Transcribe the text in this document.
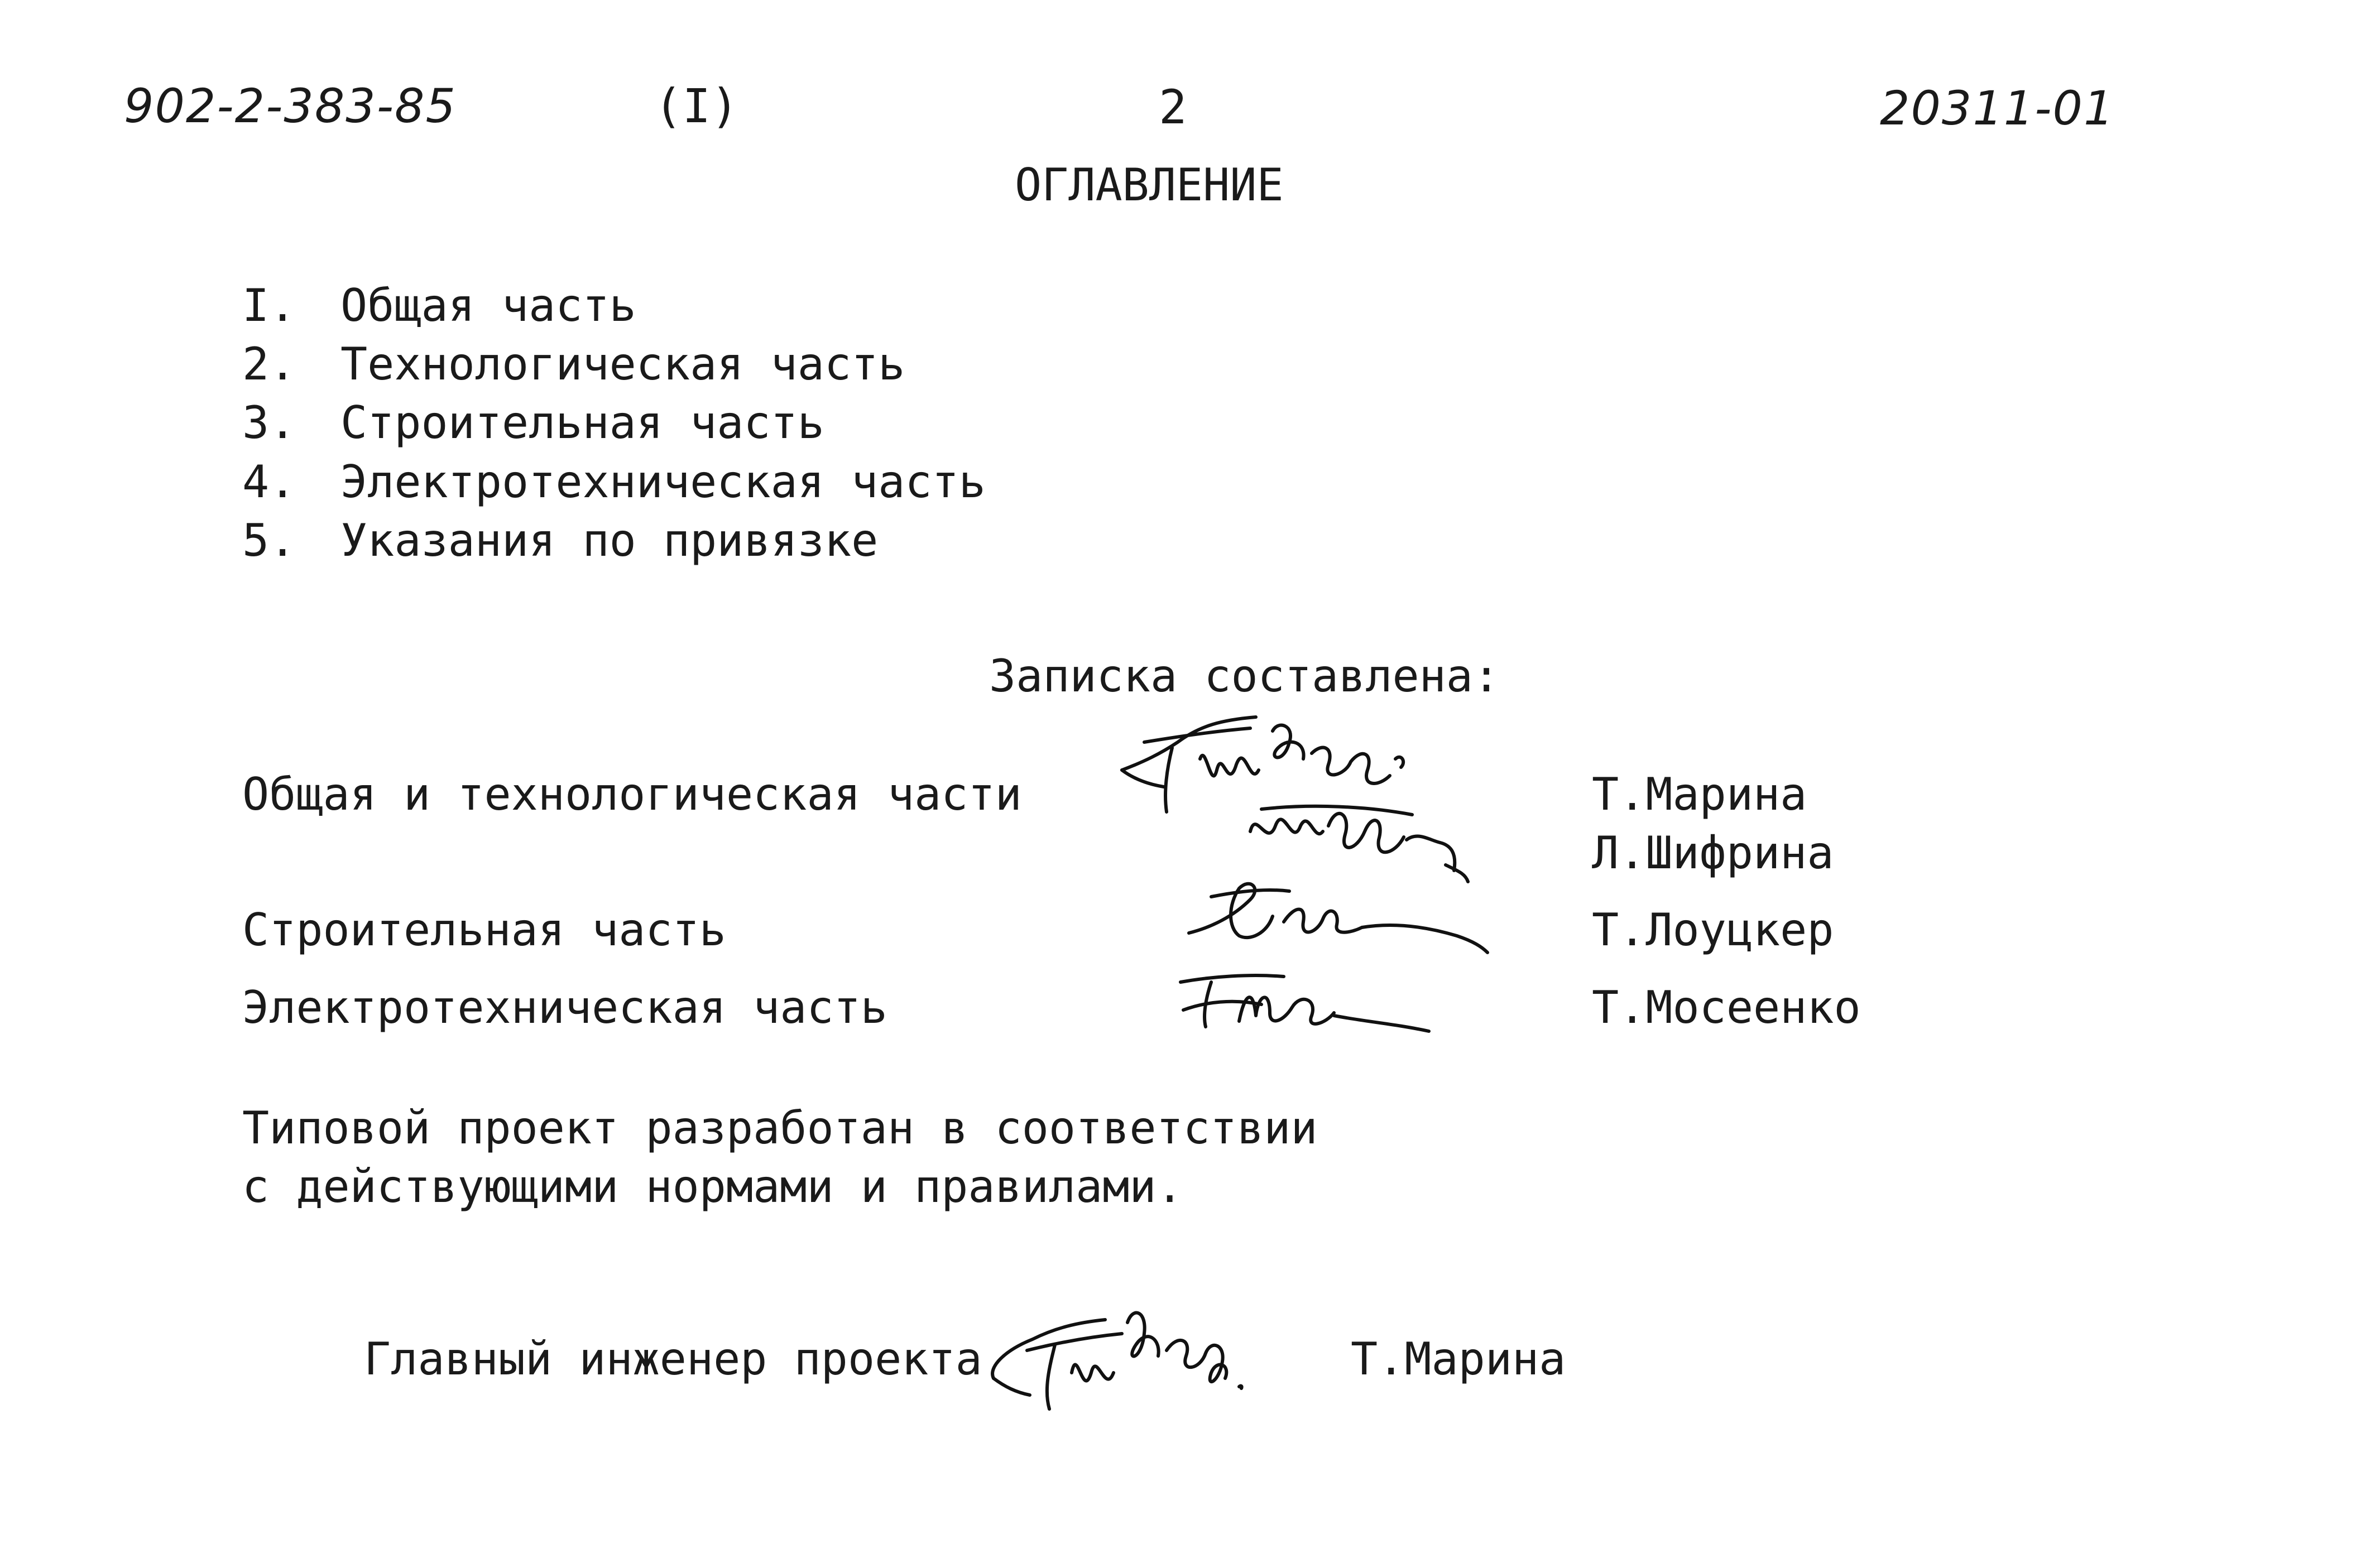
902-2-383-85	(I)	2	20311-01
ОГЛАВЛЕНИЕ
I. Общая часть
2. Технологическая часть
3. Строительная часть
4. Электротехническая часть
5. Указания по привязке
Записка составлена:
Общая и технологическая части	Т.Марина
Л.Шифрина
Строительная часть	Т.Лоуцкер
Электротехническая часть	Т.Мосеенко
Типовой проект разработан в соответствии
с действующими нормами и правилами.
Главный инженер проекта	Т.Марина
